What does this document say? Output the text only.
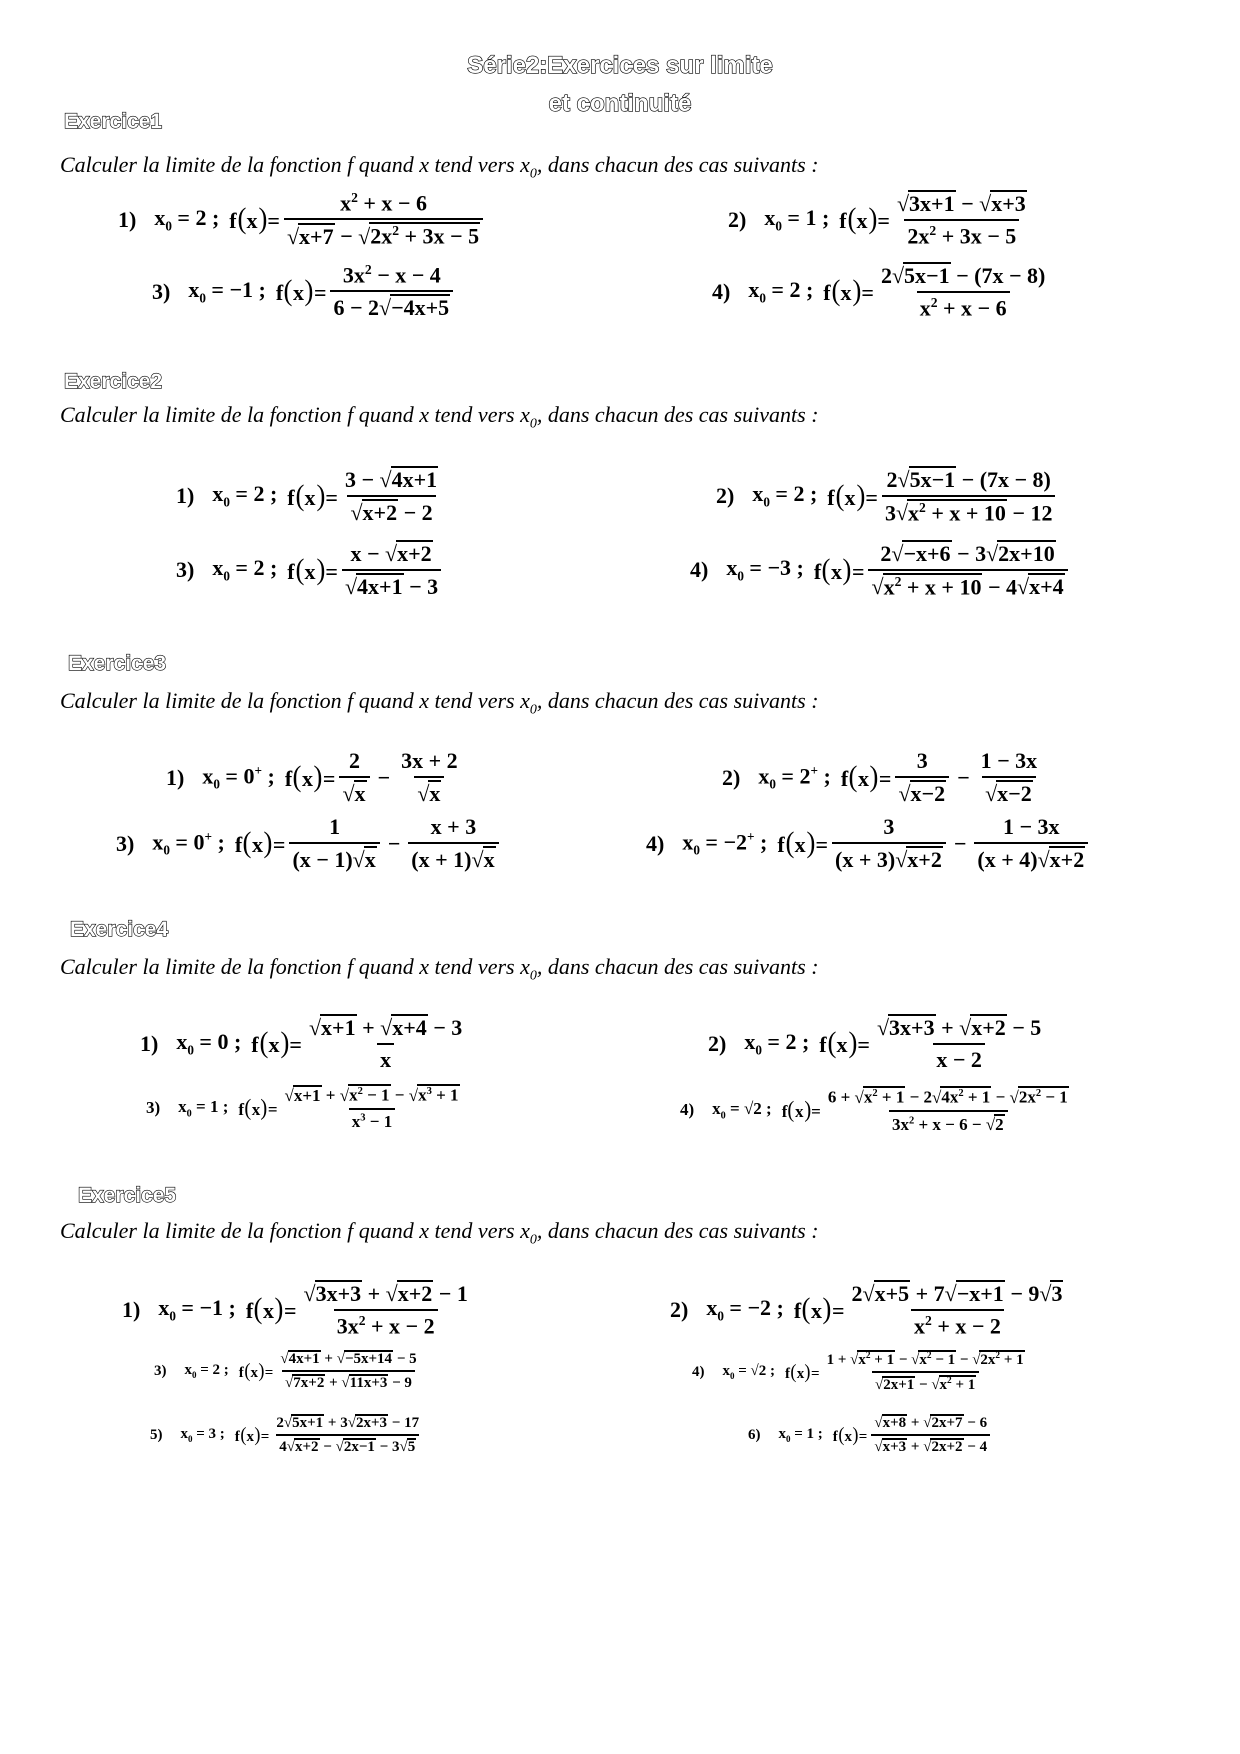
Série2:Exercices sur limite
et continuité
Exercice1
Calculer la limite de la fonction f quand x tend vers $x_0$, dans chacun des cas suivants :
1) $x_0 = 2$ ; $f(x)= \frac{x^2 + x - 6}{√x+7 - √2x^2 + 3x - 5}$	2) $x_0 = 1$ ; $f(x)= \frac{√3x+1 - √x+3}{2x^2 + 3x - 5}$
3) $x_0 = -1$ ; $f(x)= \frac{3x^2 - x - 4}{6 - 2√-4x+5}$	4) $x_0 = 2$ ; $f(x)= \frac{2√5x-1 - (7x - 8)}{x^2 + x - 6}$
Exercice2
Calculer la limite de la fonction f quand x tend vers $x_0$, dans chacun des cas suivants :
1) $x_0 = 2$ ; $f(x)= \frac{3 - √4x+1}{√x+2 - 2}$	2) $x_0 = 2$ ; $f(x)= \frac{2√5x-1 - (7x - 8)}{3√x^2 + x + 10 - 12}$
3) $x_0 = 2$ ; $f(x)= \frac{x - √x+2}{√4x+1 - 3}$	4) $x_0 = -3$ ; $f(x)= \frac{2√-x+6 - 3√2x+10}{√x^2 + x + 10 - 4√x+4}$
Exercice3
Calculer la limite de la fonction f quand x tend vers $x_0$, dans chacun des cas suivants :
1) $x_0 = 0^+$ ; $f(x)= \frac{2}{√x} - \frac{3x + 2}{√x}$	2) $x_0 = 2^+$ ; $f(x)= \frac{3}{√x-2} - \frac{1 - 3x}{√x-2}$
3) $x_0 = 0^+$ ; $f(x)= \frac{1}{(x - 1)√x} - \frac{x + 3}{(x + 1)√x}$	4) $x_0 = -2^+$ ; $f(x)= \frac{3}{(x + 3)√x+2} - \frac{1 - 3x}{(x + 4)√x+2}$
Exercice4
Calculer la limite de la fonction f quand x tend vers $x_0$, dans chacun des cas suivants :
1) $x_0 = 0$ ; $f(x)= \frac{√x+1 + √x+4 - 3}{x}$	2) $x_0 = 2$ ; $f(x)= \frac{√3x+3 + √x+2 - 5}{x - 2}$
3) $x_0 = 1$ ; $f(x)= \frac{√x+1 + √x^2 - 1 - √x^3 + 1}{x^3 - 1}$	4) $x_0 = √2$ ; $f(x)= \frac{6 + √x^2 + 1 - 2√4x^2 + 1 - √2x^2 - 1}{3x^2 + x - 6 - √2}$
Exercice5
Calculer la limite de la fonction f quand x tend vers $x_0$, dans chacun des cas suivants :
1) $x_0 = -1$ ; $f(x)= \frac{√3x+3 + √x+2 - 1}{3x^2 + x - 2}$	2) $x_0 = -2$ ; $f(x)= \frac{2√x+5 + 7√-x+1 - 9√3}{x^2 + x - 2}$
3) $x_0 = 2$ ; $f(x)= \frac{√4x+1 + √-5x+14 - 5}{√7x+2 + √11x+3 - 9}$	4) $x_0 = √2$ ; $f(x)= \frac{1 + √x^2 + 1 - √x^2 - 1 - √2x^2 + 1}{√2x+1 - √x^2 + 1}$
5) $x_0 = 3$ ; $f(x)= \frac{2√5x+1 + 3√2x+3 - 17}{4√x+2 - √2x-1 - 3√5}$	6) $x_0 = 1$ ; $f(x)= \frac{√x+8 + √2x+7 - 6}{√x+3 + √2x+2 - 4}$
